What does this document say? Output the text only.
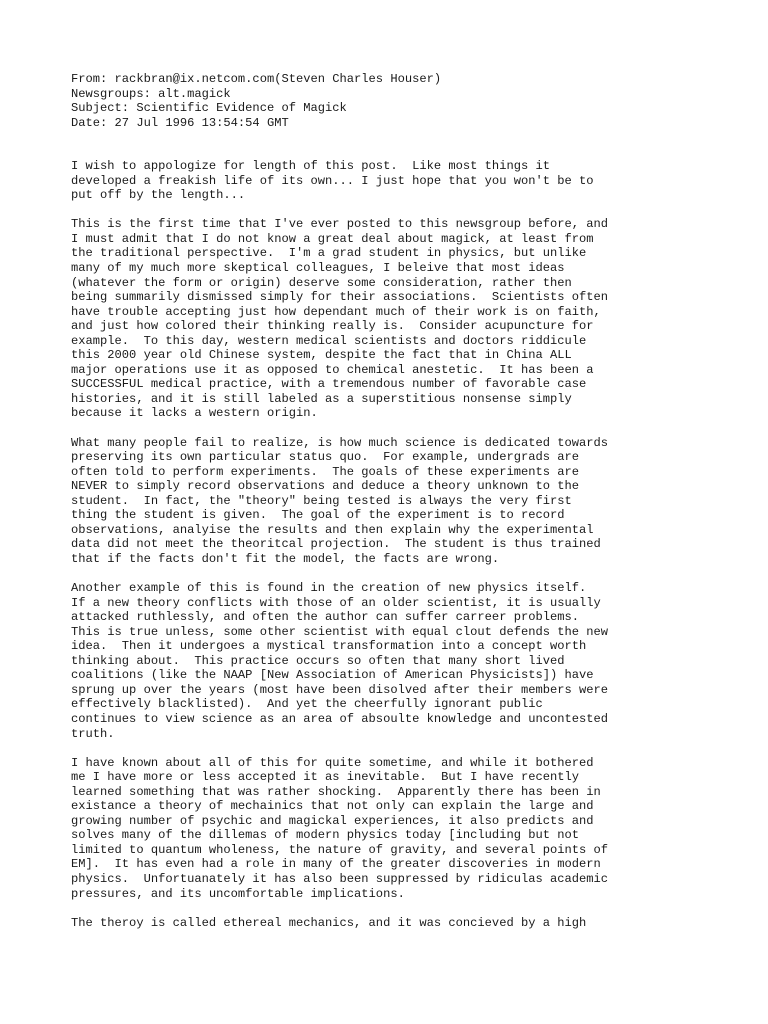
From: rackbran@ix.netcom.com(Steven Charles Houser)
Newsgroups: alt.magick
Subject: Scientific Evidence of Magick
Date: 27 Jul 1996 13:54:54 GMT
I wish to appologize for length of this post.  Like most things it
developed a freakish life of its own... I just hope that you won't be to
put off by the length...
This is the first time that I've ever posted to this newsgroup before, and
I must admit that I do not know a great deal about magick, at least from
the traditional perspective.  I'm a grad student in physics, but unlike
many of my much more skeptical colleagues, I beleive that most ideas
(whatever the form or origin) deserve some consideration, rather then
being summarily dismissed simply for their associations.  Scientists often
have trouble accepting just how dependant much of their work is on faith,
and just how colored their thinking really is.  Consider acupuncture for
example.  To this day, western medical scientists and doctors riddicule
this 2000 year old Chinese system, despite the fact that in China ALL
major operations use it as opposed to chemical anestetic.  It has been a
SUCCESSFUL medical practice, with a tremendous number of favorable case
histories, and it is still labeled as a superstitious nonsense simply
because it lacks a western origin.
What many people fail to realize, is how much science is dedicated towards
preserving its own particular status quo.  For example, undergrads are
often told to perform experiments.  The goals of these experiments are
NEVER to simply record observations and deduce a theory unknown to the
student.  In fact, the "theory" being tested is always the very first
thing the student is given.  The goal of the experiment is to record
observations, analyise the results and then explain why the experimental
data did not meet the theoritcal projection.  The student is thus trained
that if the facts don't fit the model, the facts are wrong.
Another example of this is found in the creation of new physics itself.
If a new theory conflicts with those of an older scientist, it is usually
attacked ruthlessly, and often the author can suffer carreer problems.
This is true unless, some other scientist with equal clout defends the new
idea.  Then it undergoes a mystical transformation into a concept worth
thinking about.  This practice occurs so often that many short lived
coalitions (like the NAAP [New Association of American Physicists]) have
sprung up over the years (most have been disolved after their members were
effectively blacklisted).  And yet the cheerfully ignorant public
continues to view science as an area of absoulte knowledge and uncontested
truth.
I have known about all of this for quite sometime, and while it bothered
me I have more or less accepted it as inevitable.  But I have recently
learned something that was rather shocking.  Apparently there has been in
existance a theory of mechainics that not only can explain the large and
growing number of psychic and magickal experiences, it also predicts and
solves many of the dillemas of modern physics today [including but not
limited to quantum wholeness, the nature of gravity, and several points of
EM].  It has even had a role in many of the greater discoveries in modern
physics.  Unfortuanately it has also been suppressed by ridiculas academic
pressures, and its uncomfortable implications.
The theroy is called ethereal mechanics, and it was concieved by a high
